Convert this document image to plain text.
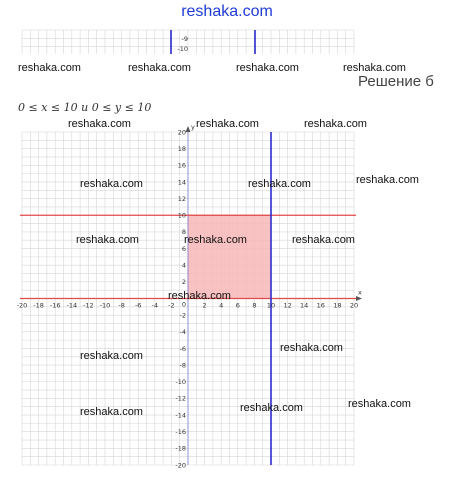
reshaka.com
-9
-10
reshaka.com	reshaka.com	reshaka.com	reshaka.com
Решение б
0 ≤ x ≤ 10 и 0 ≤ y ≤ 10
x
y
-20 -18 -16 -14 -12 -10 -8 -6 -4 -2	2 4 6 8 10 12 14 16 18 20
-20
-18
-16
-14
-12
-10
-8
-6
-4
-2
2
4
6
8
10
12
14
16
18
20
0
reshaka.com	reshaka.com	reshaka.com
reshaka.com	reshaka.com	reshaka.com
reshaka.com	reshaka.com	reshaka.com
reshaka.com
reshaka.com
reshaka.com
reshaka.com
reshaka.com	reshaka.com
